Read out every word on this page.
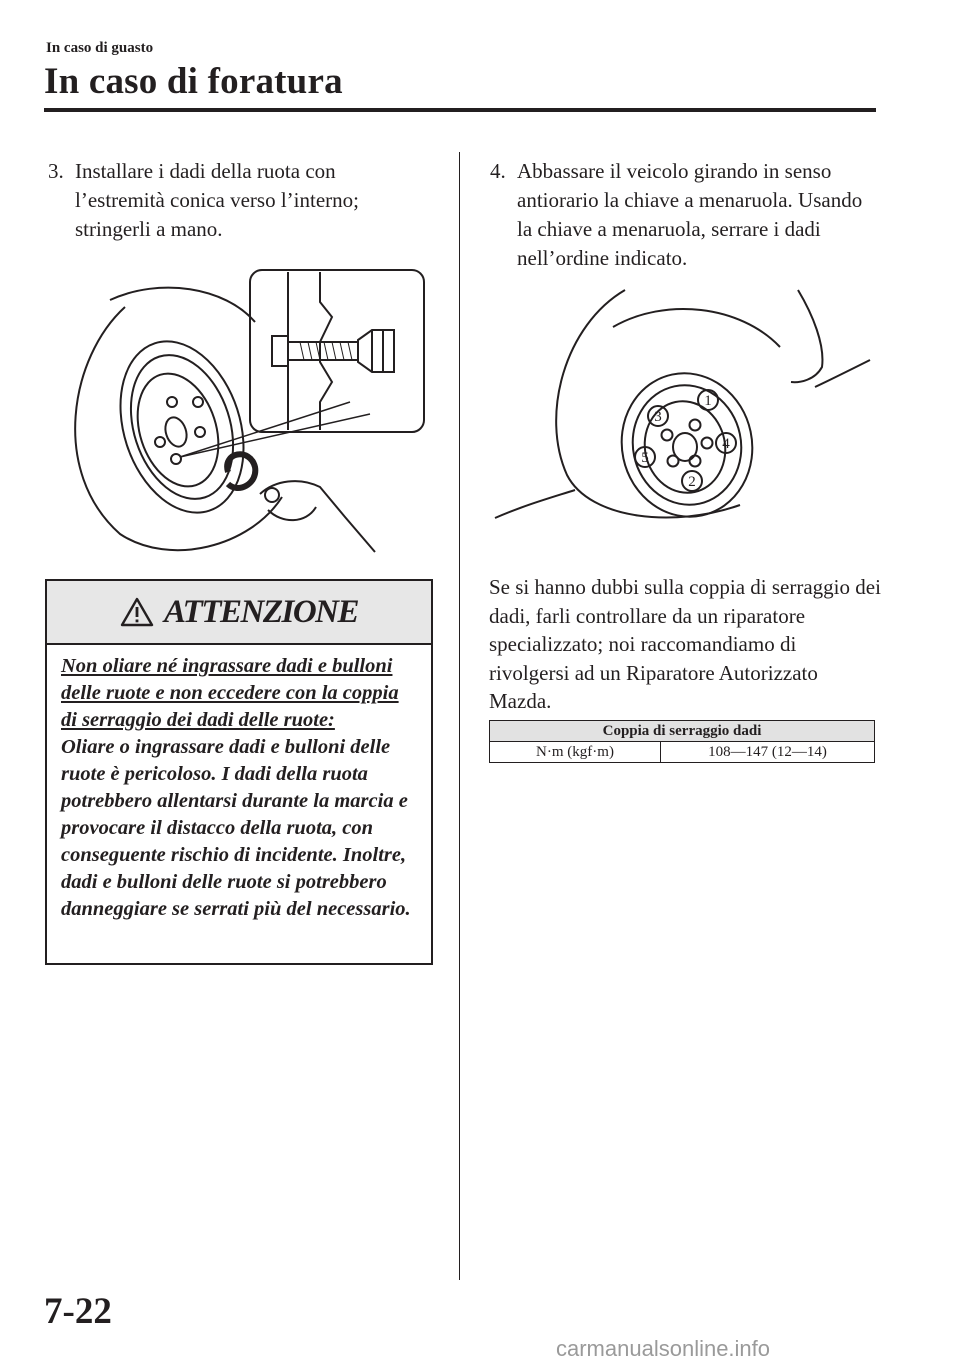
In caso di guasto
In caso di foratura
3. Installare i dadi della ruota con l’estremità conica verso l’interno; stringerli a mano.
ATTENZIONE
Non oliare né ingrassare dadi e bulloni delle ruote e non eccedere con la coppia di serraggio dei dadi delle ruote:
Oliare o ingrassare dadi e bulloni delle ruote è pericoloso. I dadi della ruota potrebbero allentarsi durante la marcia e provocare il distacco della ruota, con conseguente rischio di incidente. Inoltre, dadi e bulloni delle ruote si potrebbero danneggiare se serrati più del necessario.
4. Abbassare il veicolo girando in senso antiorario la chiave a menaruola. Usando la chiave a menaruola, serrare i dadi nell’ordine indicato.
1
2
3
4
5
Se si hanno dubbi sulla coppia di serraggio dei dadi, farli controllare da un riparatore specializzato; noi raccomandiamo di rivolgersi ad un Riparatore Autorizzato Mazda.
Coppia di serraggio dadi
N·m (kgf·m)	108—147 (12—14)
7-22
carmanualsonline.info
